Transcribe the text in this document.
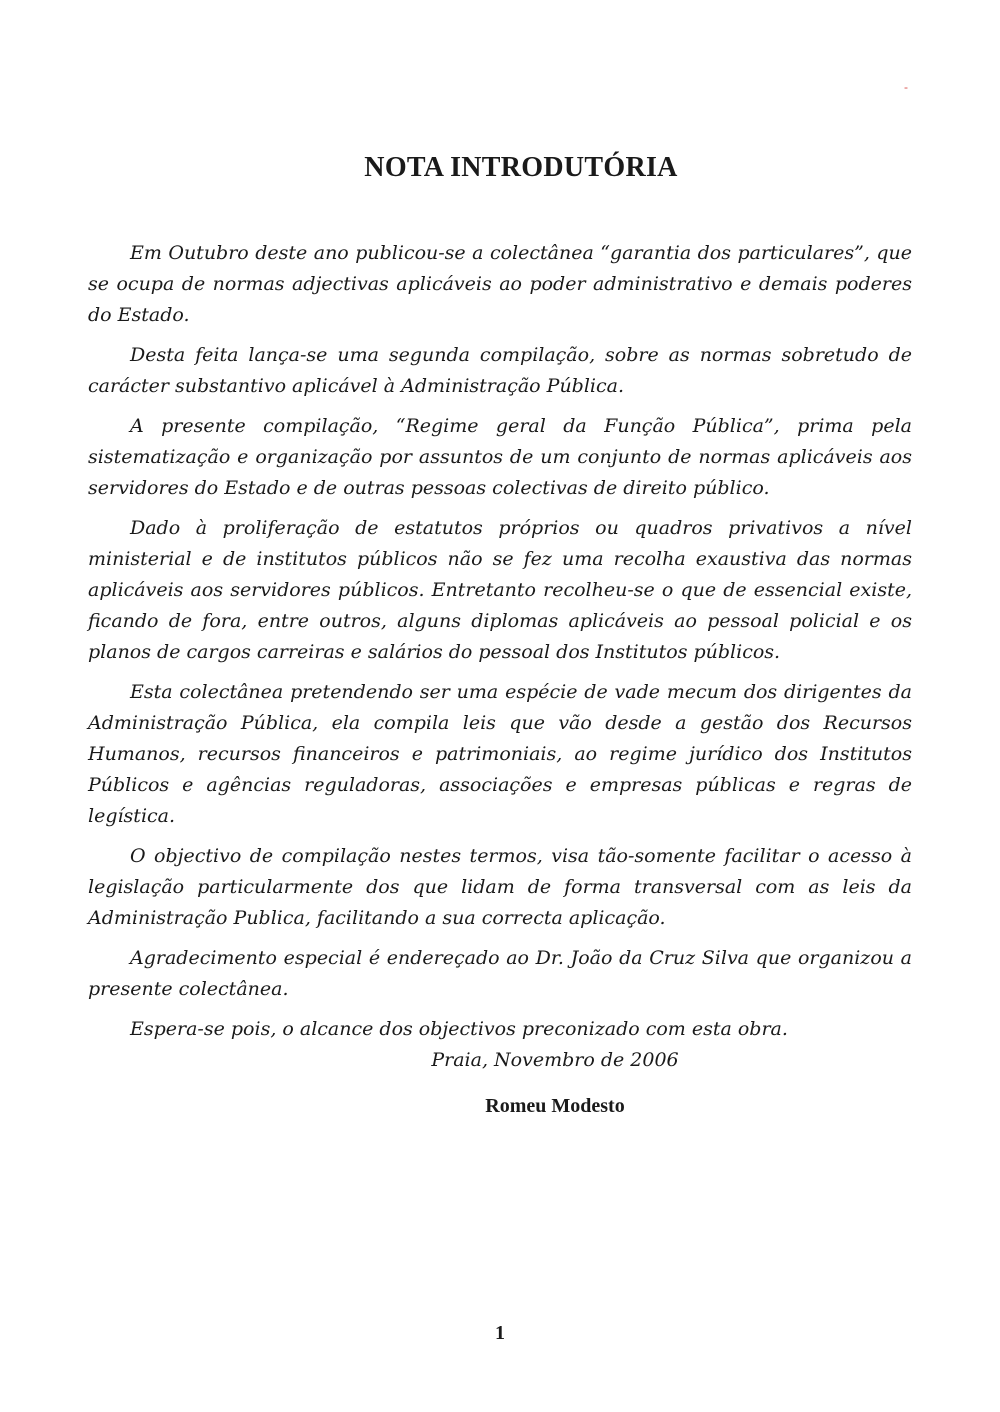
-
NOTA INTRODUTÓRIA

Em Outubro deste ano publicou-se a colectânea “garantia dos particulares”, que se ocupa de normas adjectivas aplicáveis ao poder administrativo e demais poderes do Estado.

Desta feita lança-se uma segunda compilação, sobre as normas sobretudo de carácter substantivo aplicável à Administração Pública.

A presente compilação, “Regime geral da Função Pública”, prima pela sistematização e organização por assuntos de um conjunto de normas aplicáveis aos servidores do Estado e de outras pessoas colectivas de direito público.

Dado à proliferação de estatutos próprios ou quadros privativos a nível ministerial e de institutos públicos não se fez uma recolha exaustiva das normas aplicáveis aos servidores públicos. Entretanto recolheu-se o que de essencial existe, ficando de fora, entre outros, alguns diplomas aplicáveis ao pessoal policial e os planos de cargos carreiras e salários do pessoal dos Institutos públicos.

Esta colectânea pretendendo ser uma espécie de vade mecum dos dirigentes da Administração Pública, ela compila leis que vão desde a gestão dos Recursos Humanos, recursos financeiros e patrimoniais, ao regime jurídico dos Institutos Públicos e agências reguladoras, associações e empresas públicas e regras de legística.

O objectivo de compilação nestes termos, visa tão-somente facilitar o acesso à legislação particularmente dos que lidam de forma transversal com as leis da Administração Publica, facilitando a sua correcta aplicação.

Agradecimento especial é endereçado ao Dr. João da Cruz Silva que organizou a presente colectânea.

Espera-se pois, o alcance dos objectivos preconizado com esta obra.

Praia, Novembro de 2006
Romeu Modesto
1
